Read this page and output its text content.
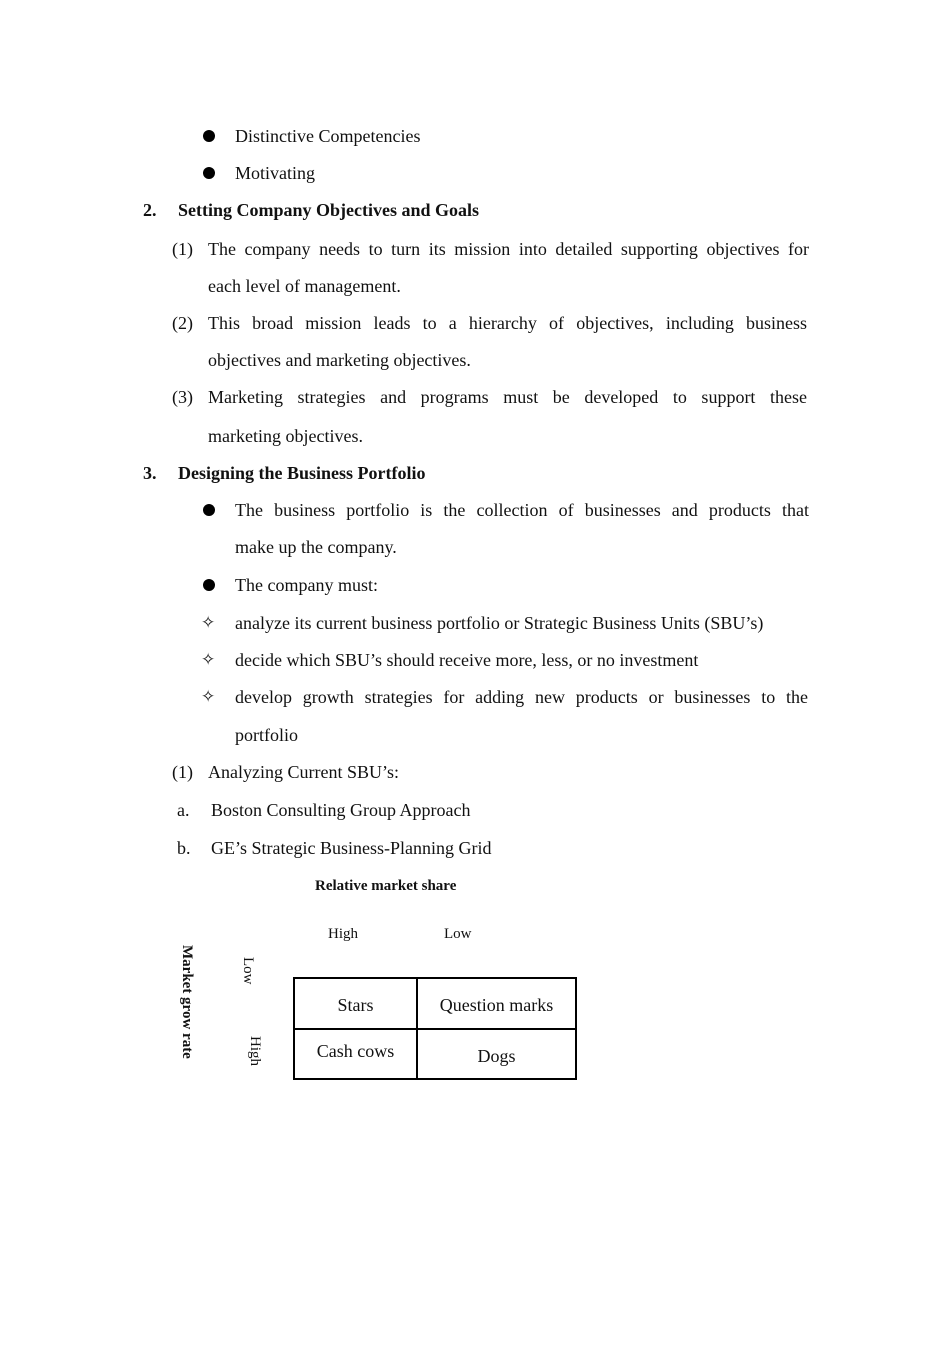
Distinctive Competencies
Motivating
2. Setting Company Objectives and Goals
(1) The company needs to turn its mission into detailed supporting objectives for
each level of management.
(2) This broad mission leads to a hierarchy of objectives, including business
objectives and marketing objectives.
(3) Marketing strategies and programs must be developed to support these
marketing objectives.
3. Designing the Business Portfolio
The business portfolio is the collection of businesses and products that
make up the company.
The company must:
✧ analyze its current business portfolio or Strategic Business Units (SBU’s)
✧ decide which SBU’s should receive more, less, or no investment
✧ develop growth strategies for adding new products or businesses to the
portfolio
(1) Analyzing Current SBU’s:
a. Boston Consulting Group Approach
b. GE’s Strategic Business-Planning Grid
Relative market share
High	Low
Market grow rate	Low
High
Stars	Question marks
Cash cows	Dogs
